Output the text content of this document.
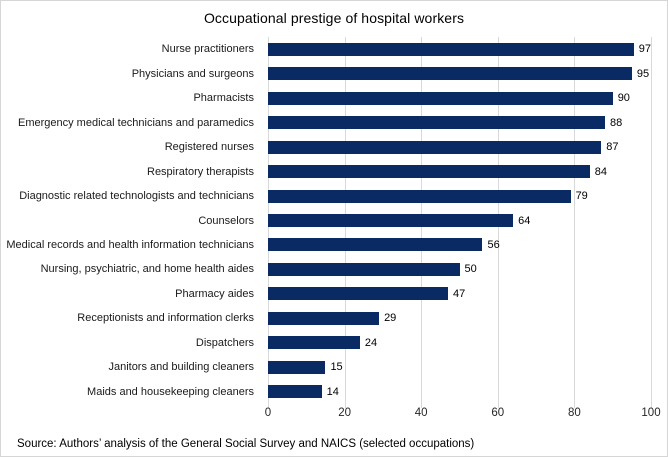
Occupational prestige of hospital workers
Nurse practitioners
Physicians and surgeons
Pharmacists
Emergency medical technicians and paramedics
Registered nurses
Respiratory therapists
Diagnostic related technologists and technicians
Counselors
Medical records and health information technicians
Nursing, psychiatric, and home health aides
Pharmacy aides
Receptionists and information clerks
Dispatchers
Janitors and building cleaners
Maids and housekeeping cleaners
97
95
90
88
87
84
79
64
56
50
47
29
24
15
14
0	20	40	60	80	100
Source: Authors’ analysis of the General Social Survey and NAICS (selected occupations)
